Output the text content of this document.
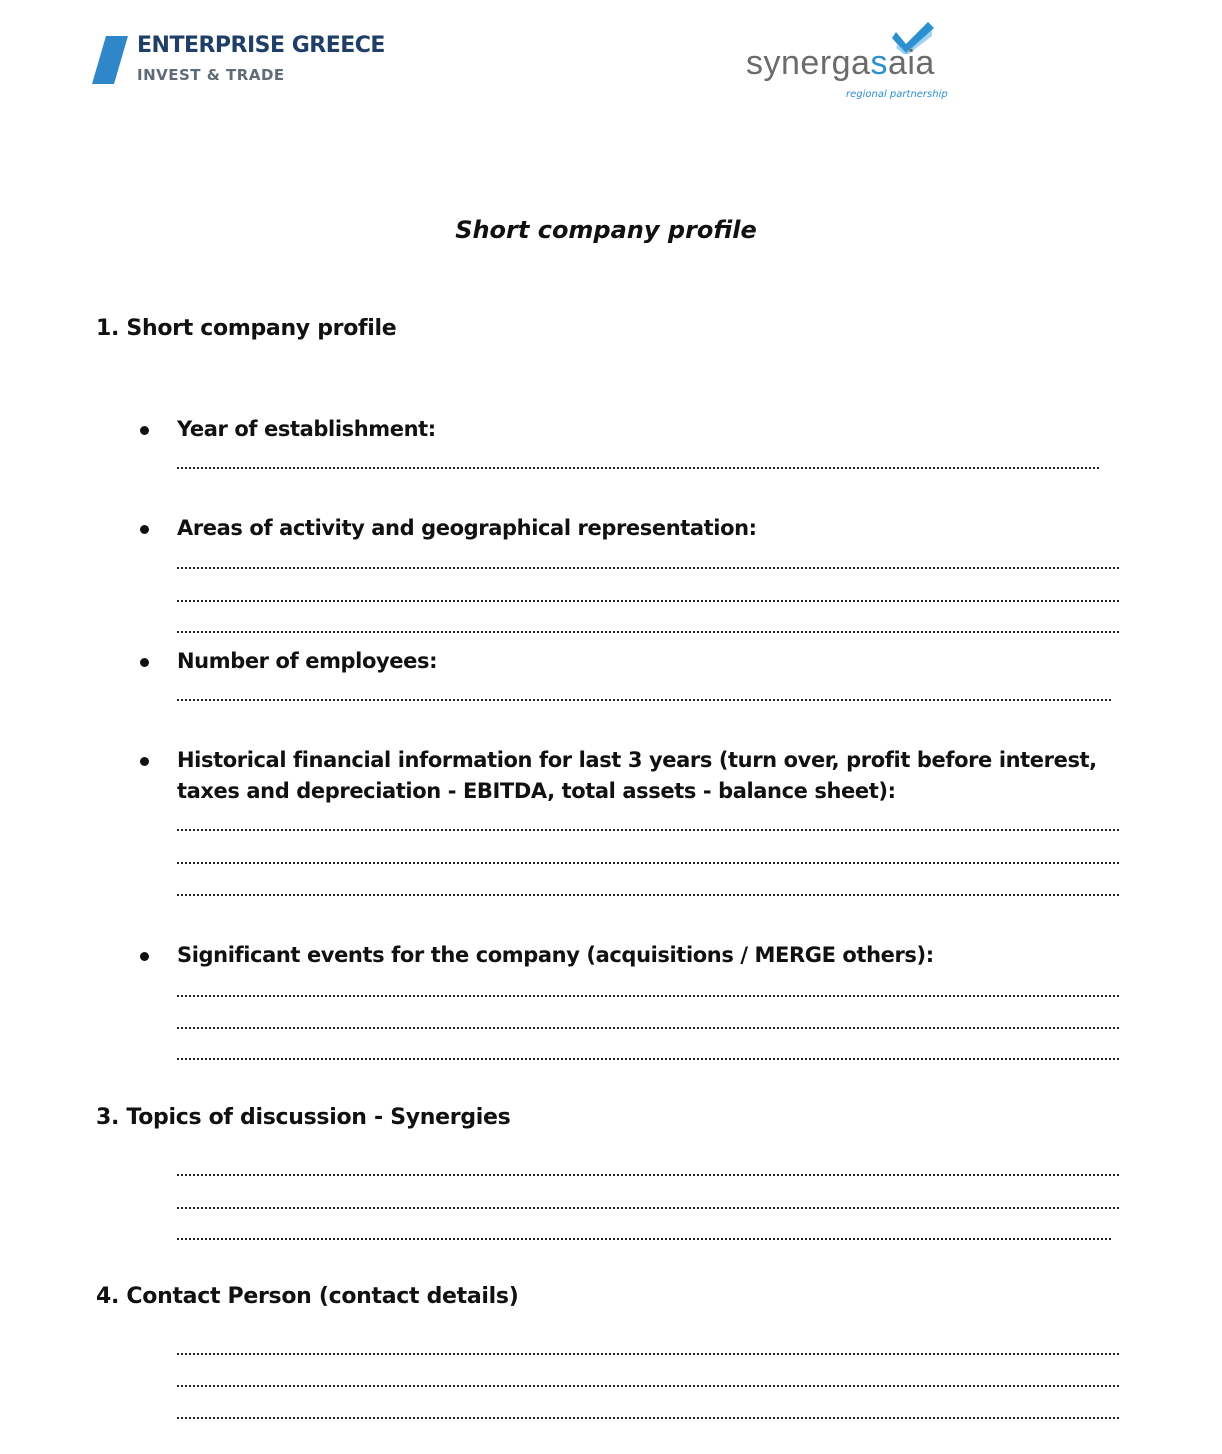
ENTERPRISE GREECE
INVEST & TRADE	synergasaia
regional partnership
Short company profile
1. Short company profile
Year of establishment:
Areas of activity and geographical representation:
Number of employees:
Historical financial information for last 3 years (turn over, profit before interest, taxes and depreciation - EBITDA, total assets - balance sheet):
Significant events for the company (acquisitions / MERGE others):
3. Topics of discussion - Synergies
4. Contact Person (contact details)
